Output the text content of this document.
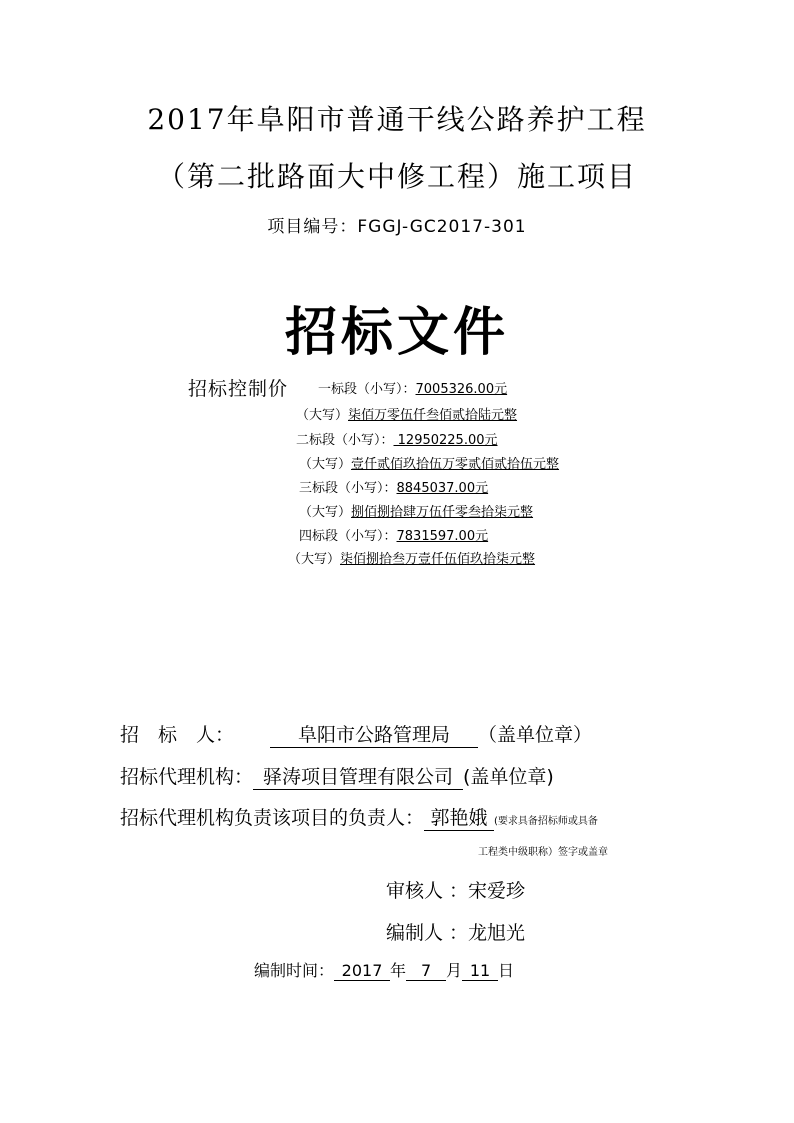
2017年阜阳市普通干线公路养护工程
（第二批路面大中修工程）施工项目
项目编号：FGGJ-GC2017-301
招标文件
招标控制价 一标段（小写）：7005326.00元
（大写）柒佰万零伍仟叁佰贰拾陆元整
二标段（小写）： 12950225.00元
（大写）壹仟贰佰玖拾伍万零贰佰贰拾伍元整
三标段（小写）：8845037.00元
（大写）捌佰捌拾肆万伍仟零叁拾柒元整
四标段（小写）：7831597.00元
（大写）柒佰捌拾叁万壹仟伍佰玖拾柒元整
招　标　人：	阜阳市公路管理局 （盖单位章）
招标代理机构： 驿涛项目管理有限公司 (盖单位章)
招标代理机构负责该项目的负责人： 郭艳娥 (要求具备招标师或具备
工程类中级职称）签字或盖章
审核人 ：宋爱珍
编制人 ：龙旭光
编制时间： 2017 年 7 月 11 日
